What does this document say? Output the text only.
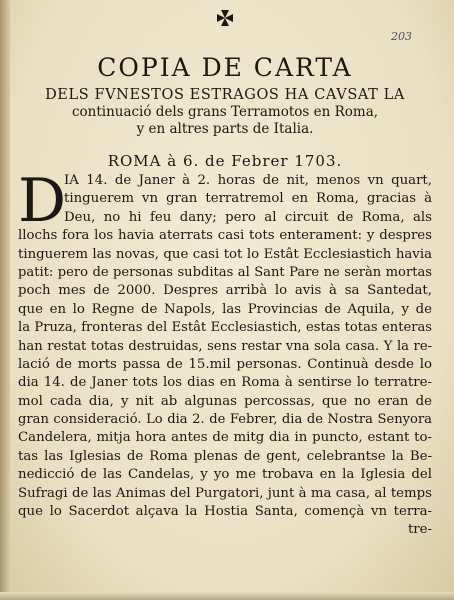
203
COPIA DE CARTA
DELS FVNESTOS ESTRAGOS HA CAVSAT LA
continuació dels grans Terramotos en Roma,
y en altres parts de Italia.
ROMA à 6. de Febrer 1703.
D
IA 14. de Janer à 2. horas de nit, menos vn quart,
tinguerem vn gran terratremol en Roma, gracias à
Deu, no hi feu dany; pero al circuit de Roma, als
llochs fora los havia aterrats casi tots enterament: y despres
tinguerem las novas, que casi tot lo Estât Ecclesiastich havia
patit: pero de personas subditas al Sant Pare ne seràn mortas
poch mes de 2000. Despres arribà lo avis à sa Santedat,
que en lo Regne de Napols, las Provincias de Aquila, y de
la Pruza, fronteras del Estât Ecclesiastich, estas totas enteras
han restat totas destruidas, sens restar vna sola casa. Y la re-
lació de morts passa de 15.mil personas. Continuà desde lo
dia 14. de Janer tots los dias en Roma à sentirse lo terratre-
mol cada dia, y nit ab algunas percossas, que no eran de
gran consideració. Lo dia 2. de Febrer, dia de Nostra Senyora
Candelera, mitja hora antes de mitg dia in puncto, estant to-
tas las Iglesias de Roma plenas de gent, celebrantse la Be-
nedicció de las Candelas, y yo me trobava en la Iglesia del
Sufragi de las Animas del Purgatori, junt à ma casa, al temps
que lo Sacerdot alçava la Hostia Santa, començà vn terra-
tre-
